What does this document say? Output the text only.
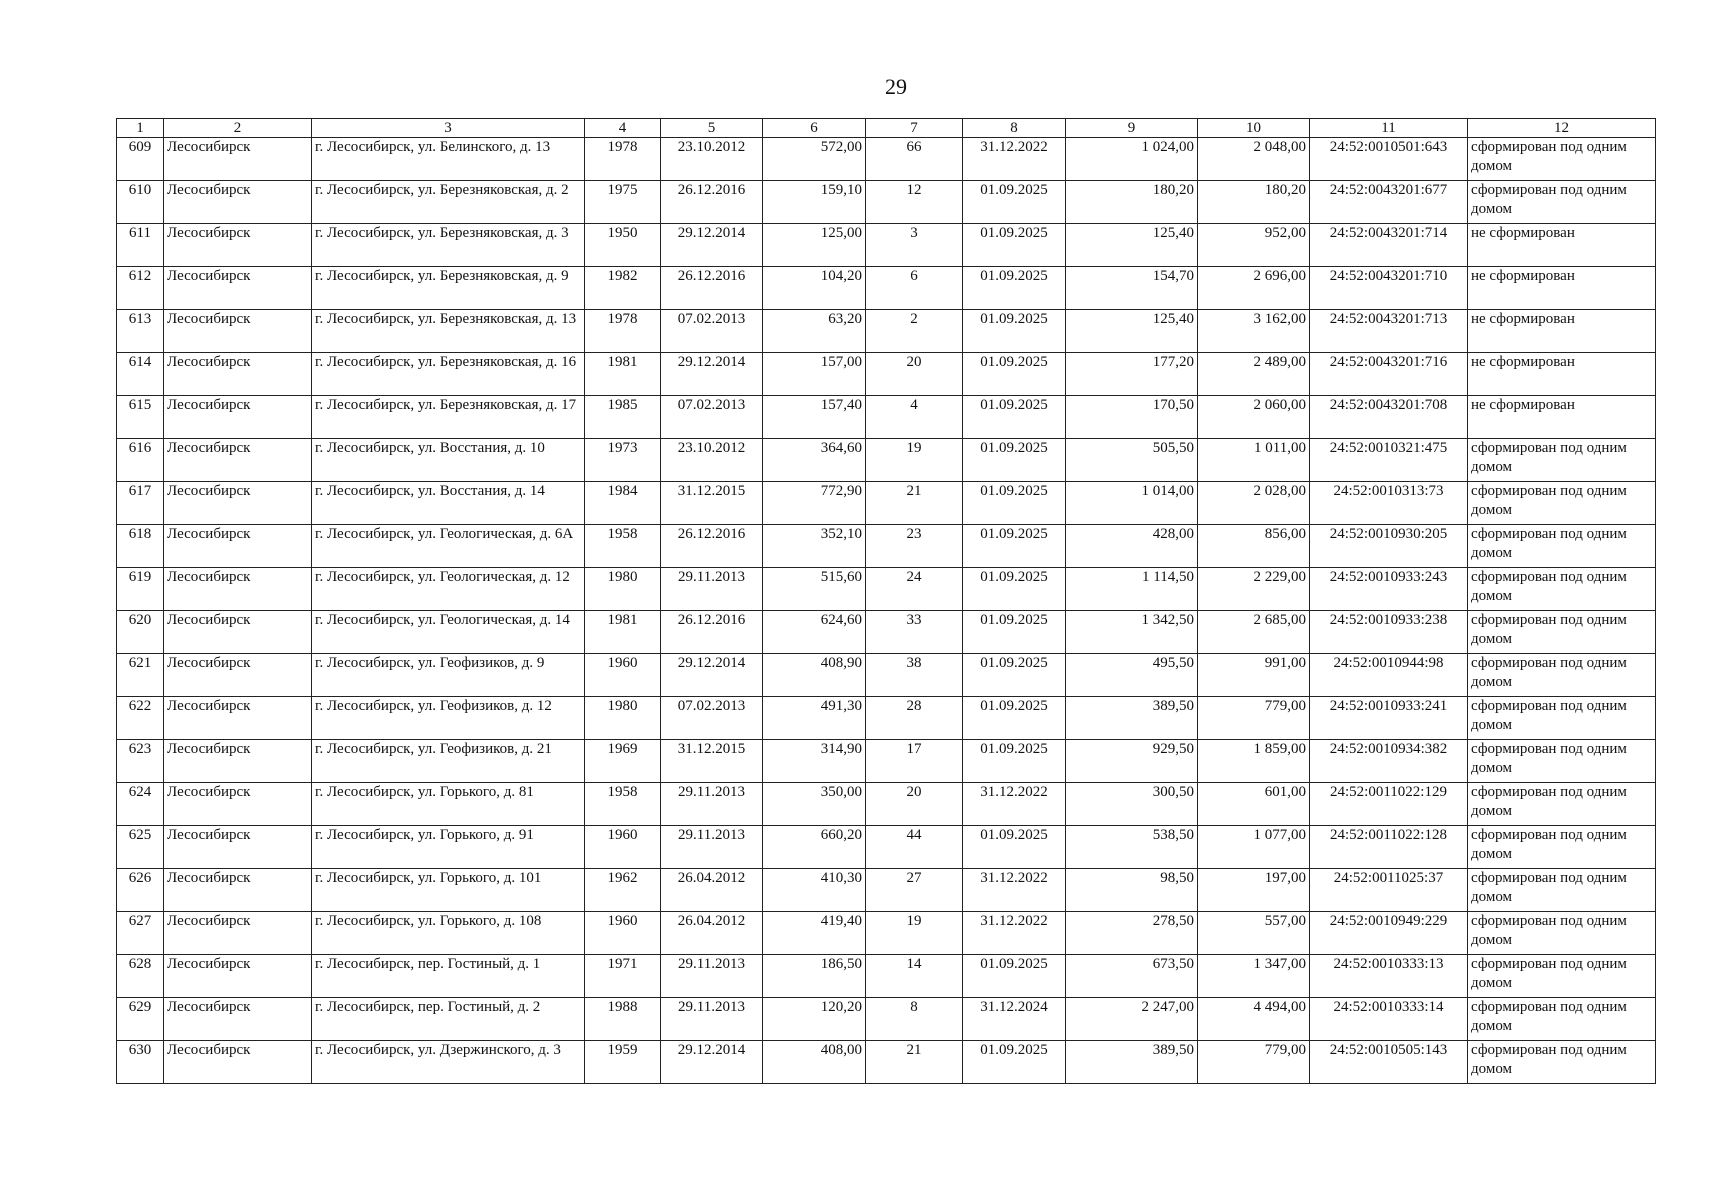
29
1	2	3	4	5	6	7	8	9	10	11	12
609	Лесосибирск	г. Лесосибирск, ул. Белинского, д. 13	1978	23.10.2012	572,00	66	31.12.2022	1 024,00	2 048,00	24:52:0010501:643	сформирован под одним домом
610	Лесосибирск	г. Лесосибирск, ул. Березняковская, д. 2	1975	26.12.2016	159,10	12	01.09.2025	180,20	180,20	24:52:0043201:677	сформирован под одним домом
611	Лесосибирск	г. Лесосибирск, ул. Березняковская, д. 3	1950	29.12.2014	125,00	3	01.09.2025	125,40	952,00	24:52:0043201:714	не сформирован
612	Лесосибирск	г. Лесосибирск, ул. Березняковская, д. 9	1982	26.12.2016	104,20	6	01.09.2025	154,70	2 696,00	24:52:0043201:710	не сформирован
613	Лесосибирск	г. Лесосибирск, ул. Березняковская, д. 13	1978	07.02.2013	63,20	2	01.09.2025	125,40	3 162,00	24:52:0043201:713	не сформирован
614	Лесосибирск	г. Лесосибирск, ул. Березняковская, д. 16	1981	29.12.2014	157,00	20	01.09.2025	177,20	2 489,00	24:52:0043201:716	не сформирован
615	Лесосибирск	г. Лесосибирск, ул. Березняковская, д. 17	1985	07.02.2013	157,40	4	01.09.2025	170,50	2 060,00	24:52:0043201:708	не сформирован
616	Лесосибирск	г. Лесосибирск, ул. Восстания, д. 10	1973	23.10.2012	364,60	19	01.09.2025	505,50	1 011,00	24:52:0010321:475	сформирован под одним домом
617	Лесосибирск	г. Лесосибирск, ул. Восстания, д. 14	1984	31.12.2015	772,90	21	01.09.2025	1 014,00	2 028,00	24:52:0010313:73	сформирован под одним домом
618	Лесосибирск	г. Лесосибирск, ул. Геологическая, д. 6А	1958	26.12.2016	352,10	23	01.09.2025	428,00	856,00	24:52:0010930:205	сформирован под одним домом
619	Лесосибирск	г. Лесосибирск, ул. Геологическая, д. 12	1980	29.11.2013	515,60	24	01.09.2025	1 114,50	2 229,00	24:52:0010933:243	сформирован под одним домом
620	Лесосибирск	г. Лесосибирск, ул. Геологическая, д. 14	1981	26.12.2016	624,60	33	01.09.2025	1 342,50	2 685,00	24:52:0010933:238	сформирован под одним домом
621	Лесосибирск	г. Лесосибирск, ул. Геофизиков, д. 9	1960	29.12.2014	408,90	38	01.09.2025	495,50	991,00	24:52:0010944:98	сформирован под одним домом
622	Лесосибирск	г. Лесосибирск, ул. Геофизиков, д. 12	1980	07.02.2013	491,30	28	01.09.2025	389,50	779,00	24:52:0010933:241	сформирован под одним домом
623	Лесосибирск	г. Лесосибирск, ул. Геофизиков, д. 21	1969	31.12.2015	314,90	17	01.09.2025	929,50	1 859,00	24:52:0010934:382	сформирован под одним домом
624	Лесосибирск	г. Лесосибирск, ул. Горького, д. 81	1958	29.11.2013	350,00	20	31.12.2022	300,50	601,00	24:52:0011022:129	сформирован под одним домом
625	Лесосибирск	г. Лесосибирск, ул. Горького, д. 91	1960	29.11.2013	660,20	44	01.09.2025	538,50	1 077,00	24:52:0011022:128	сформирован под одним домом
626	Лесосибирск	г. Лесосибирск, ул. Горького, д. 101	1962	26.04.2012	410,30	27	31.12.2022	98,50	197,00	24:52:0011025:37	сформирован под одним домом
627	Лесосибирск	г. Лесосибирск, ул. Горького, д. 108	1960	26.04.2012	419,40	19	31.12.2022	278,50	557,00	24:52:0010949:229	сформирован под одним домом
628	Лесосибирск	г. Лесосибирск, пер. Гостиный, д. 1	1971	29.11.2013	186,50	14	01.09.2025	673,50	1 347,00	24:52:0010333:13	сформирован под одним домом
629	Лесосибирск	г. Лесосибирск, пер. Гостиный, д. 2	1988	29.11.2013	120,20	8	31.12.2024	2 247,00	4 494,00	24:52:0010333:14	сформирован под одним домом
630	Лесосибирск	г. Лесосибирск, ул. Дзержинского, д. 3	1959	29.12.2014	408,00	21	01.09.2025	389,50	779,00	24:52:0010505:143	сформирован под одним домом
